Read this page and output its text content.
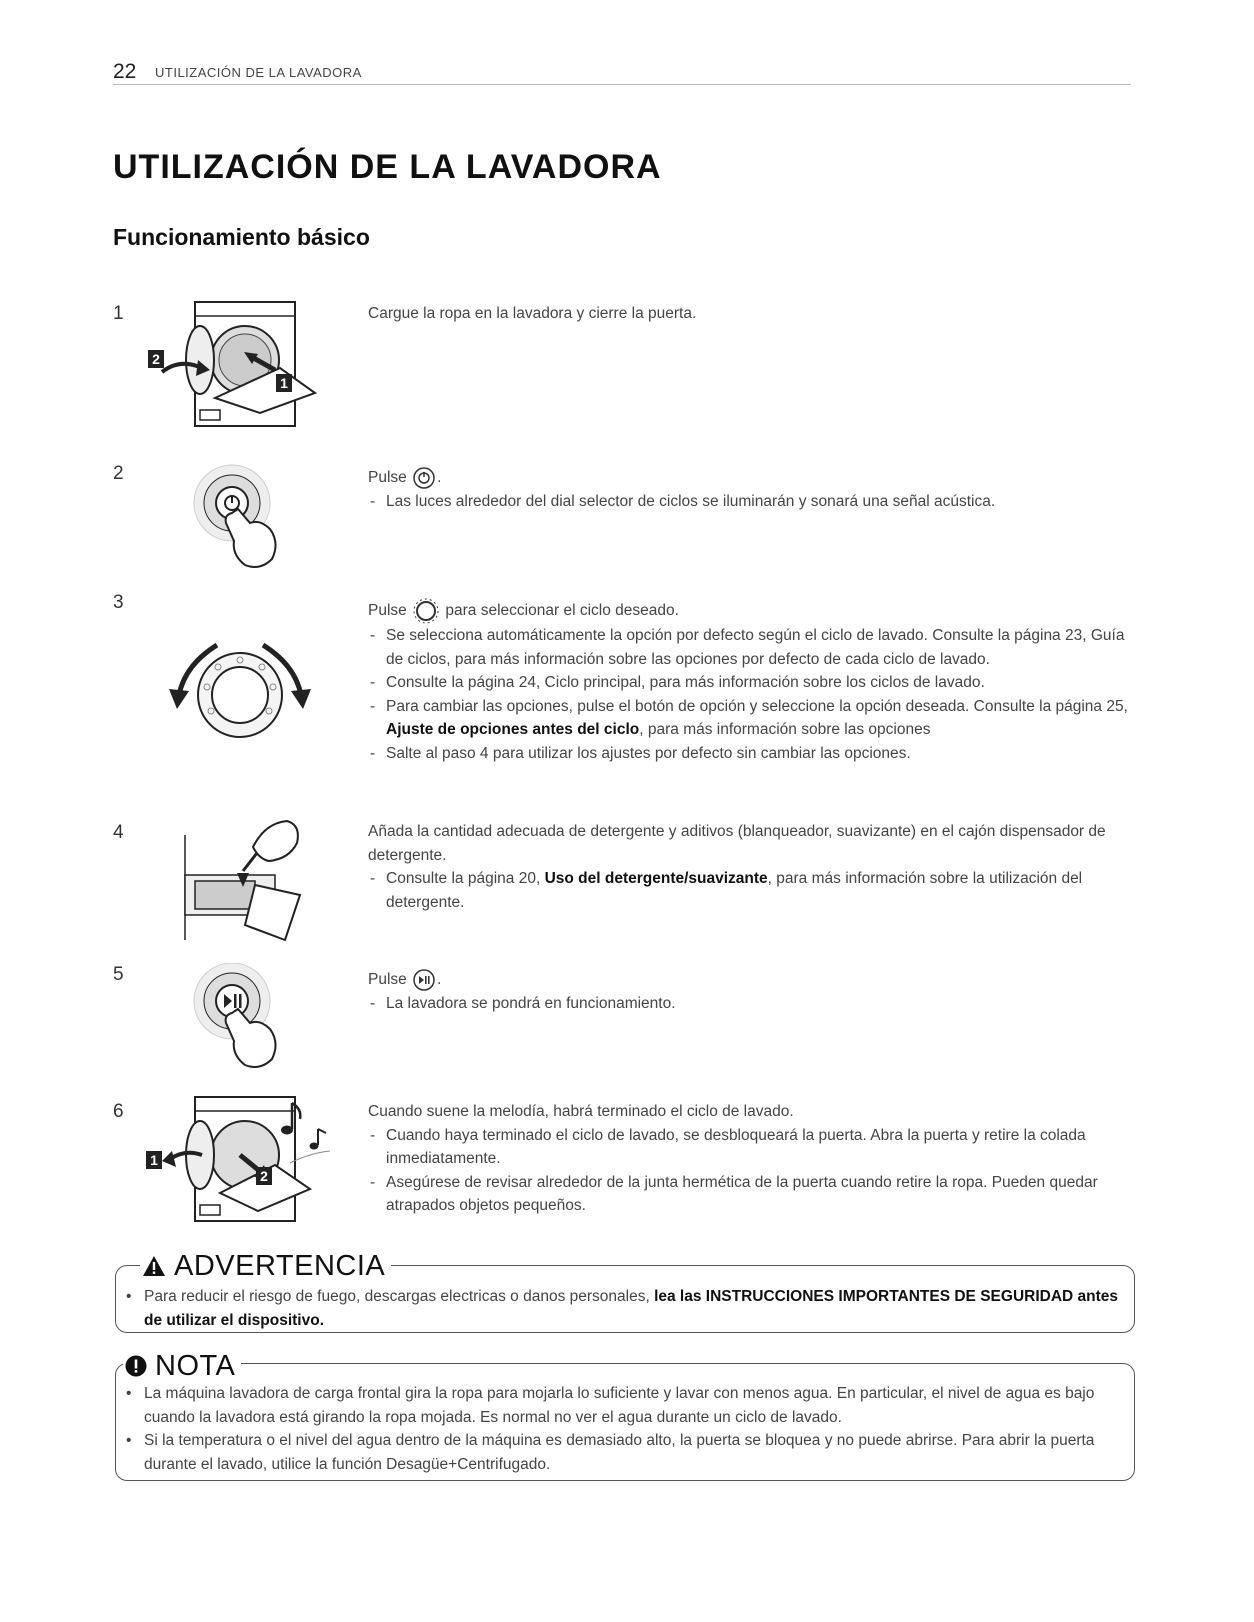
22 UTILIZACIÓN DE LA LAVADORA
UTILIZACIÓN DE LA LAVADORA
Funcionamiento básico
1
2
1

Cargue la ropa en la lavadora y cierre la puerta.

2	Pulse .

- Las luces alrededor del dial selector de ciclos se iluminarán y sonará una señal acústica.
3	Pulse para seleccionar el ciclo deseado.

- Se selecciona automáticamente la opción por defecto según el ciclo de lavado. Consulte la página 23, Guía de ciclos, para más información sobre las opciones por defecto de cada ciclo de lavado.
- Consulte la página 24, Ciclo principal, para más información sobre los ciclos de lavado.
- Para cambiar las opciones, pulse el botón de opción y seleccione la opción deseada. Consulte la página 25, Ajuste de opciones antes del ciclo, para más información sobre las opciones
- Salte al paso 4 para utilizar los ajustes por defecto sin cambiar las opciones.
4	Añada la cantidad adecuada de detergente y aditivos (blanqueador, suavizante) en el cajón dispensador de detergente.

- Consulte la página 20, Uso del detergente/suavizante, para más información sobre la utilización del detergente.
5	Pulse .

- La lavadora se pondrá en funcionamiento.
6
1
2

Cuando suene la melodía, habrá terminado el ciclo de lavado.

- Cuando haya terminado el ciclo de lavado, se desbloqueará la puerta. Abra la puerta y retire la colada inmediatamente.
- Asegúrese de revisar alrededor de la junta hermética de la puerta cuando retire la ropa. Pueden quedar atrapados objetos pequeños.
ADVERTENCIA
• Para reducir el riesgo de fuego, descargas electricas o danos personales, lea las INSTRUCCIONES IMPORTANTES DE SEGURIDAD antes de utilizar el dispositivo.
NOTA
• La máquina lavadora de carga frontal gira la ropa para mojarla lo suficiente y lavar con menos agua. En particular, el nivel de agua es bajo cuando la lavadora está girando la ropa mojada. Es normal no ver el agua durante un ciclo de lavado.
• Si la temperatura o el nivel del agua dentro de la máquina es demasiado alto, la puerta se bloquea y no puede abrirse. Para abrir la puerta durante el lavado, utilice la función Desagüe+Centrifugado.
